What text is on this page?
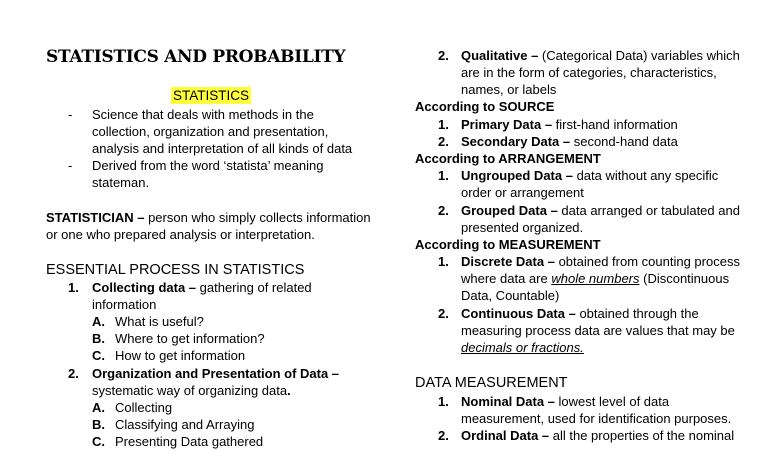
STATISTICS AND PROBABILITY
STATISTICS
- Science that deals with methods in the
collection, organization and presentation,
analysis and interpretation of all kinds of data
- Derived from the word ‘statista’ meaning
stateman.
STATISTICIAN – person who simply collects information
or one who prepared analysis or interpretation.
ESSENTIAL PROCESS IN STATISTICS
1. Collecting data – gathering of related
information
A. What is useful?
B. Where to get information?
C. How to get information
2. Organization and Presentation of Data –
systematic way of organizing data.
A. Collecting
B. Classifying and Arraying
C. Presenting Data gathered
2. Qualitative – (Categorical Data) variables which
are in the form of categories, characteristics,
names, or labels
According to SOURCE
1. Primary Data – first-hand information
2. Secondary Data – second-hand data
According to ARRANGEMENT
1. Ungrouped Data – data without any specific
order or arrangement
2. Grouped Data – data arranged or tabulated and
presented organized.
According to MEASUREMENT
1. Discrete Data – obtained from counting process
where data are whole numbers (Discontinuous
Data, Countable)
2. Continuous Data – obtained through the
measuring process data are values that may be
decimals or fractions.
DATA MEASUREMENT
1. Nominal Data – lowest level of data
measurement, used for identification purposes.
2. Ordinal Data – all the properties of the nominal
